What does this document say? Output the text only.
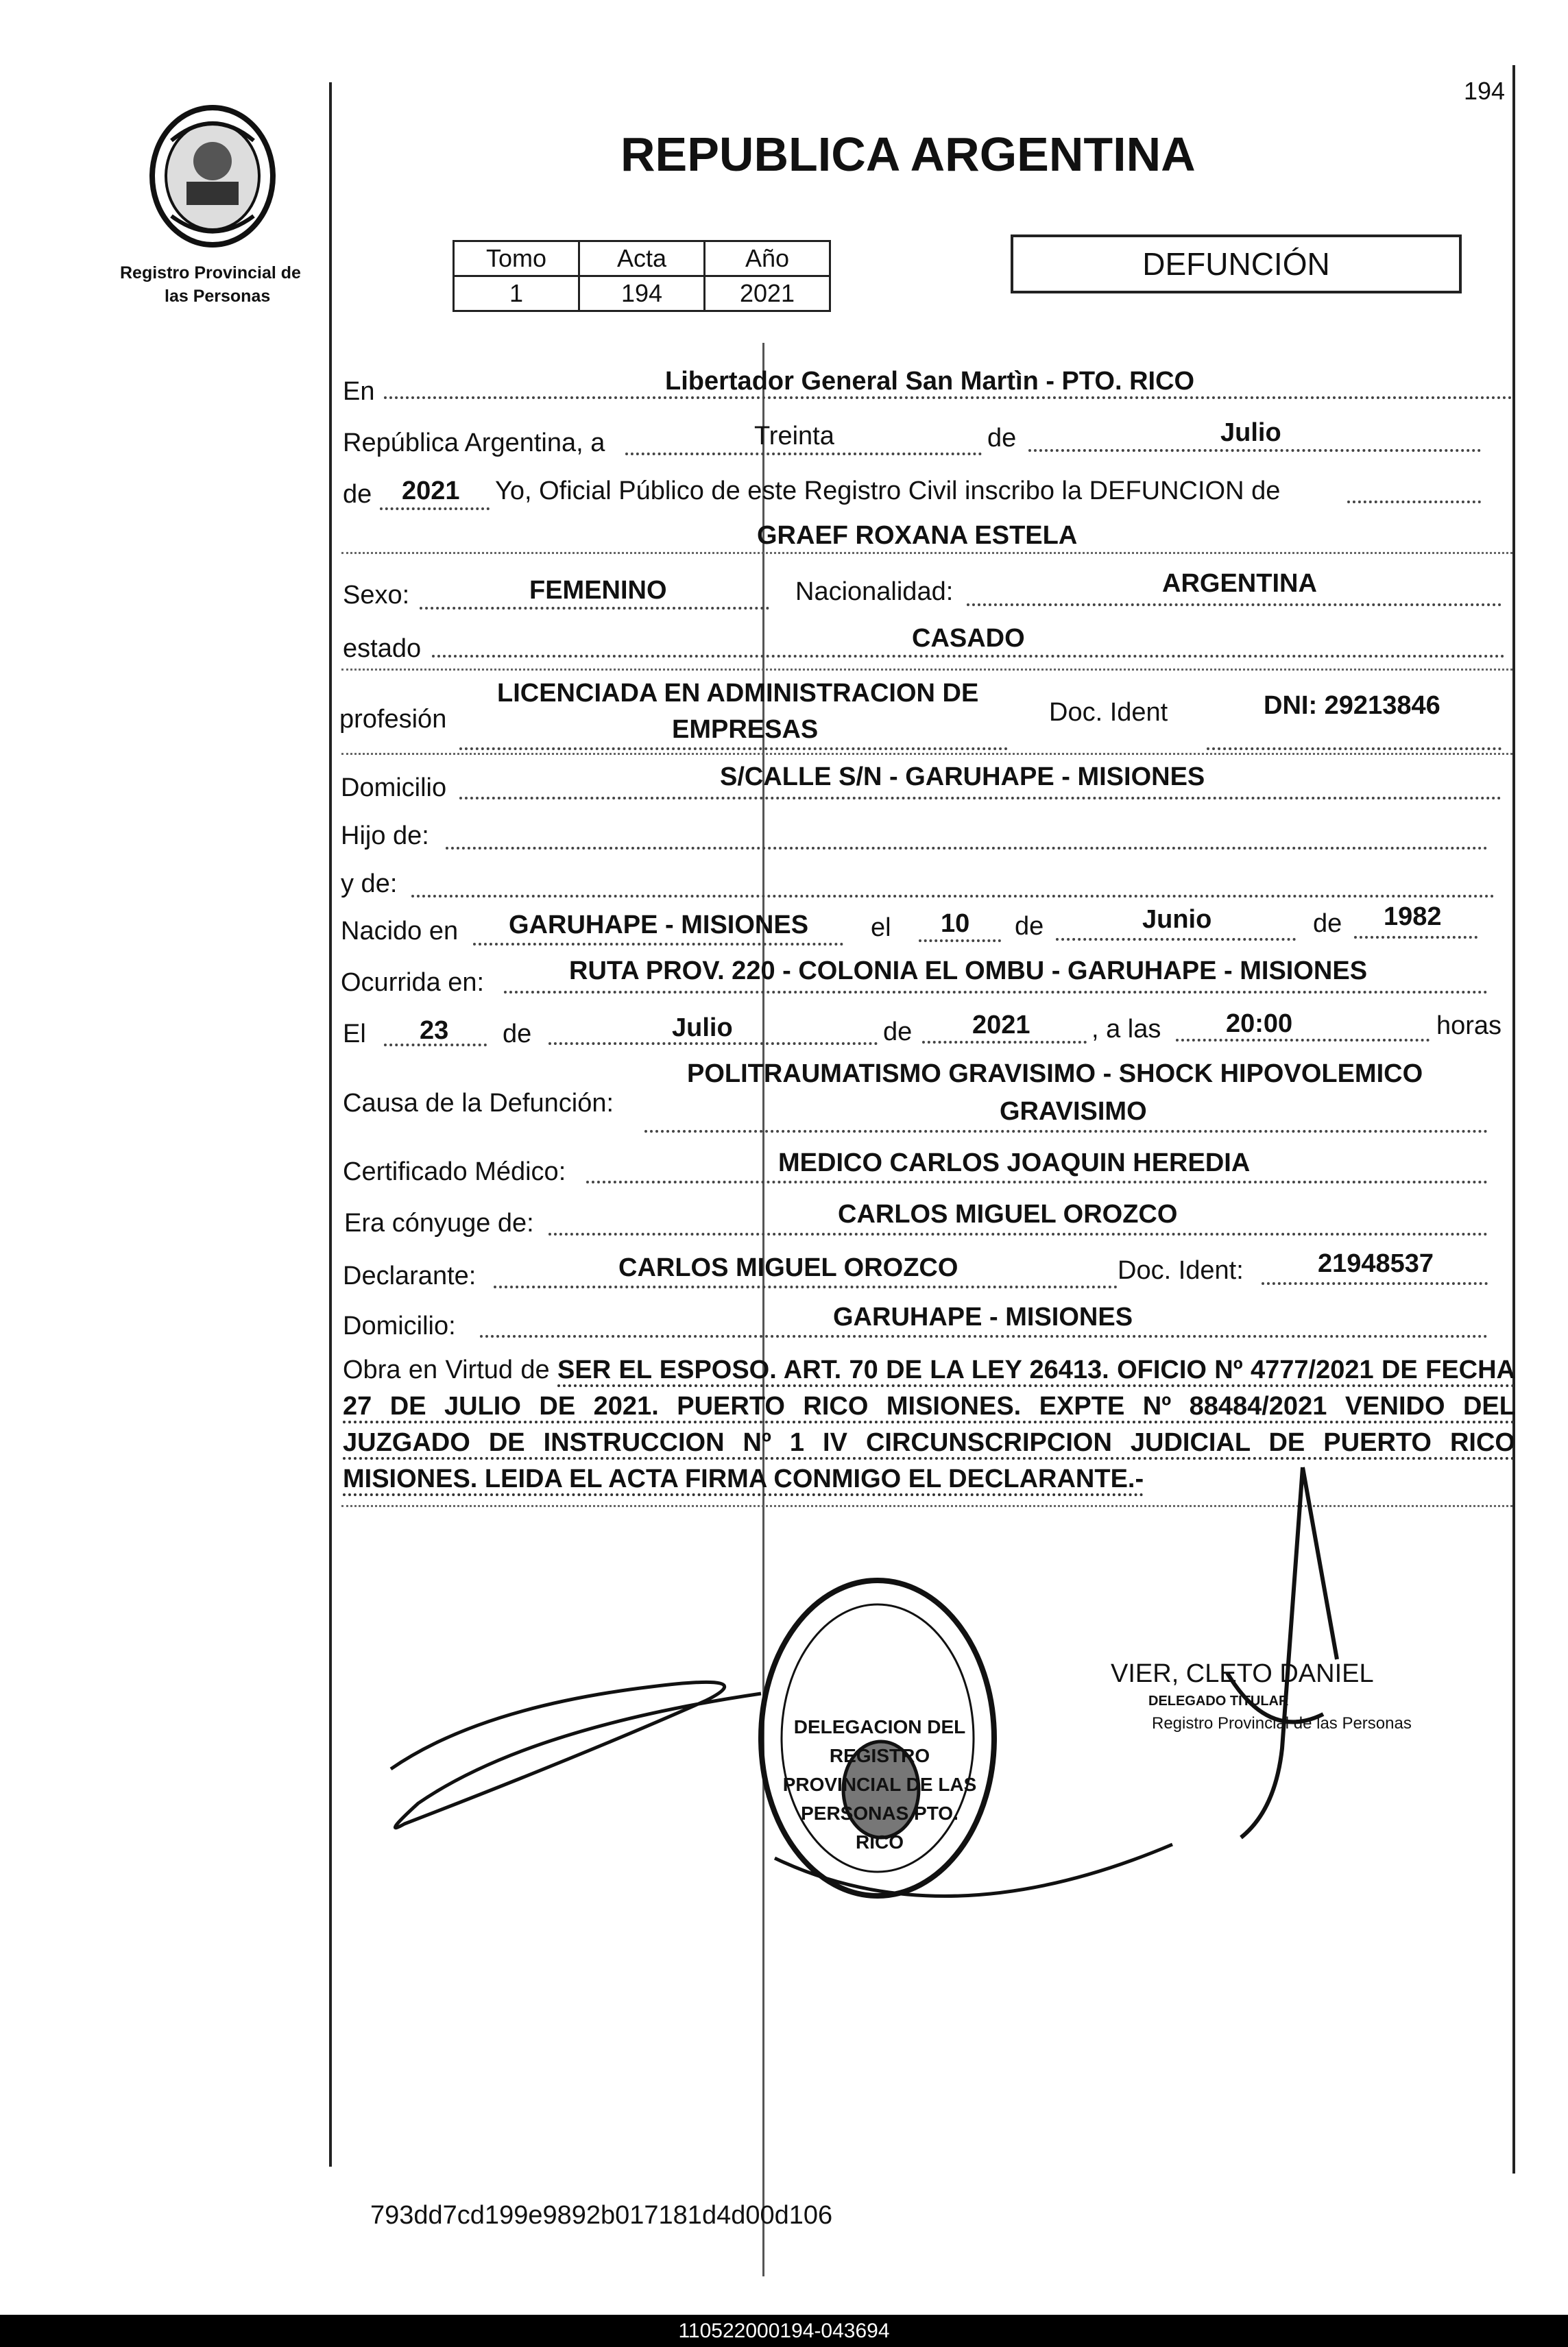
194
Registro Provincial de
las Personas
REPUBLICA ARGENTINA
Tomo	Acta	Año
1	194	2021
DEFUNCIÓN
En	Libertador General San Martìn - PTO. RICO
República Argentina, a	Treinta	de	Julio
de 2021 Yo, Oficial Público de este Registro Civil inscribo la DEFUNCION de
GRAEF ROXANA ESTELA
Sexo:	FEMENINO	Nacionalidad:	ARGENTINA
estado	CASADO
profesión
LICENCIADA EN ADMINISTRACION DE
EMPRESAS
Doc. Ident	DNI: 29213846
Domicilio	S/CALLE S/N - GARUHAPE - MISIONES
Hijo de:
y de:
Nacido en GARUHAPE - MISIONES el 10 de	Junio	de 1982
Ocurrida en:	RUTA PROV. 220 - COLONIA EL OMBU - GARUHAPE - MISIONES
El 23 de	Julio	de 2021 , a las 20:00	horas
Causa de la Defunción:
POLITRAUMATISMO GRAVISIMO - SHOCK HIPOVOLEMICO
GRAVISIMO
Certificado Médico:	MEDICO CARLOS JOAQUIN HEREDIA
Era cónyuge de:	CARLOS MIGUEL OROZCO
Declarante:	CARLOS MIGUEL OROZCO	Doc. Ident:	21948537
Domicilio:	GARUHAPE - MISIONES
Obra en Virtud de SER EL ESPOSO. ART. 70 DE LA LEY 26413. OFICIO Nº 4777/2021 DE FECHA 27 DE JULIO DE 2021. PUERTO RICO MISIONES. EXPTE Nº 88484/2021 VENIDO DEL JUZGADO DE INSTRUCCION Nº 1 IV CIRCUNSCRIPCION JUDICIAL DE PUERTO RICO MISIONES. LEIDA EL ACTA FIRMA CONMIGO EL DECLARANTE.-
DELEGACION DEL REGISTRO PROVINCIAL DE LAS PERSONAS PTO. RICO
VIER, CLETO DANIEL
DELEGADO TITULAR
Registro Provincial de las Personas
793dd7cd199e9892b017181d4d00d106
110522000194-043694
